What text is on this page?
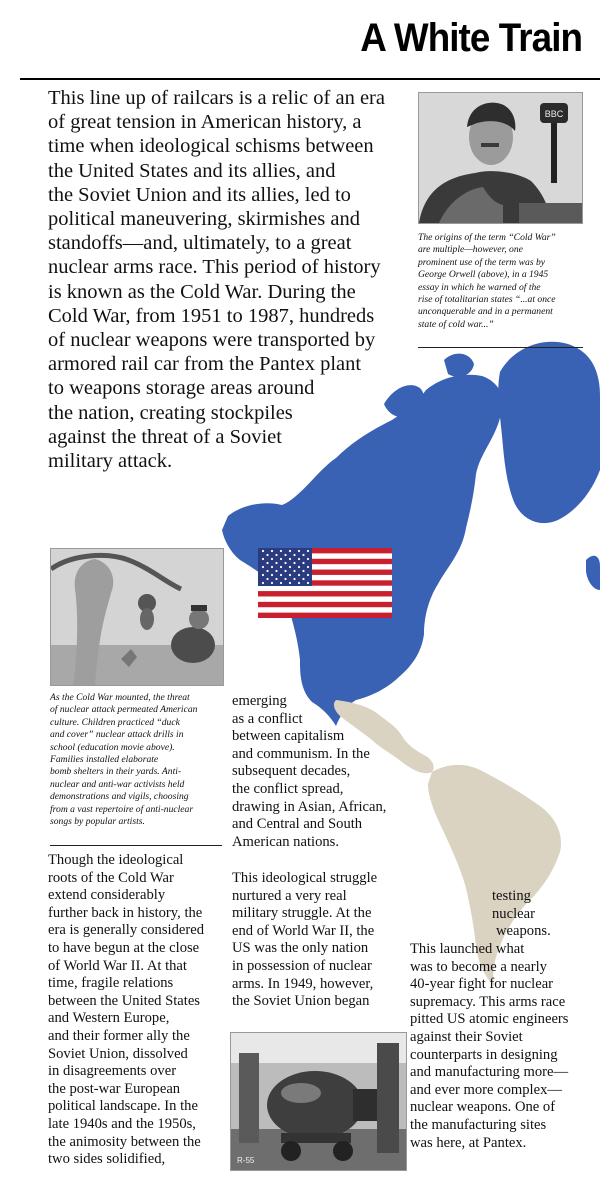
A White Train
This line up of railcars is a relic of an era
of great tension in American history, a
time when ideological schisms between
the United States and its allies, and
the Soviet Union and its allies, led to
political maneuvering, skirmishes and
standoffs—and, ultimately, to a great
nuclear arms race. This period of history
is known as the Cold War. During the
Cold War, from 1951 to 1987, hundreds
of nuclear weapons were transported by
armored rail car from the Pantex plant
to weapons storage areas around
the nation, creating stockpiles
against the threat of a Soviet
military attack.
BBC
The origins of the term “Cold War”
are multiple—however, one
prominent use of the term was by
George Orwell (above), in a 1945
essay in which he warned of the
rise of totalitarian states “...at once
unconquerable and in a permanent
state of cold war...”
As the Cold War mounted, the threat
of nuclear attack permeated American
culture. Children practiced “duck
and cover” nuclear attack drills in
school (education movie above).
Families installed elaborate
bomb shelters in their yards. Anti-
nuclear and anti-war activists held
demonstrations and vigils, choosing
from a vast repertoire of anti-nuclear
songs by popular artists.
Though the ideological
roots of the Cold War
extend considerably
further back in history, the
era is generally considered
to have begun at the close
of World War II. At that
time, fragile relations
between the United States
and Western Europe,
and their former ally the
Soviet Union, dissolved
in disagreements over
the post-war European
political landscape. In the
late 1940s and the 1950s,
the animosity between the
two sides solidified,
emerging
as a conflict
between capitalism
and communism. In the
subsequent decades,
the conflict spread,
drawing in Asian, African,
and Central and South
American nations.
This ideological struggle
nurtured a very real
military struggle. At the
end of World War II, the
US was the only nation
in possession of nuclear
arms. In 1949, however,
the Soviet Union began
testing
nuclear
weapons.
This launched what
was to become a nearly
40-year fight for nuclear
supremacy. This arms race
pitted US atomic engineers
against their Soviet
counterparts in designing
and manufacturing more—
and ever more complex—
nuclear weapons. One of
the manufacturing sites
was here, at Pantex.
R-55
